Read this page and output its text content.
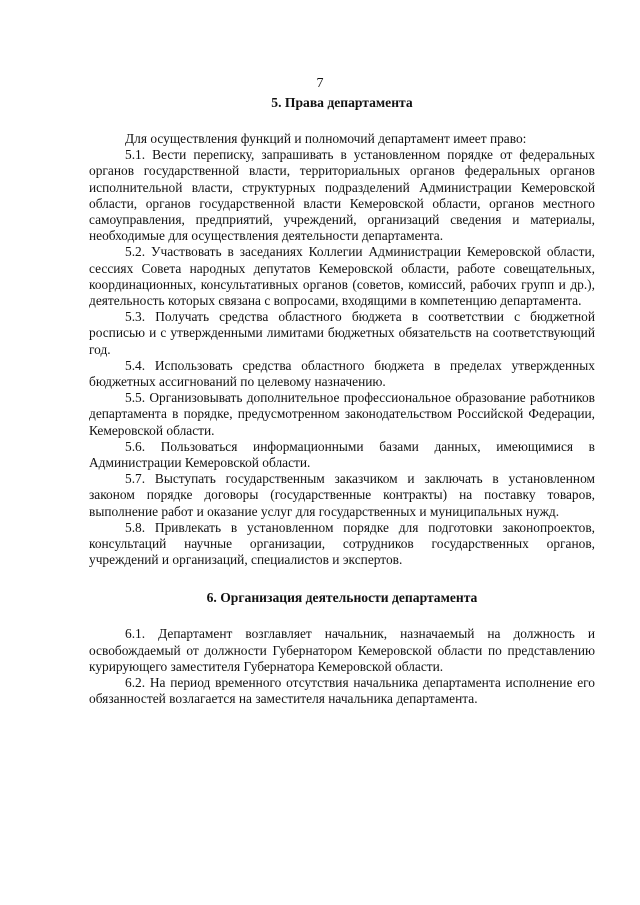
7
5. Права департамента

Для осуществления функций и полномочий департамент имеет право:

5.1. Вести переписку, запрашивать в установленном порядке от федеральных органов государственной власти, территориальных органов федеральных органов исполнительной власти, структурных подразделений Администрации Кемеровской области, органов государственной власти Кемеровской области, органов местного самоуправления, предприятий, учреждений, организаций сведения и материалы, необходимые для осуществления деятельности департамента.

5.2. Участвовать в заседаниях Коллегии Администрации Кемеровской области, сессиях Совета народных депутатов Кемеровской области, работе совещательных, координационных, консультативных органов (советов, комиссий, рабочих групп и др.), деятельность которых связана с вопросами, входящими в компетенцию департамента.

5.3. Получать средства областного бюджета в соответствии с бюджетной росписью и с утвержденными лимитами бюджетных обязательств на соответствующий год.

5.4. Использовать средства областного бюджета в пределах утвержденных бюджетных ассигнований по целевому назначению.

5.5. Организовывать дополнительное профессиональное образование работников департамента в порядке, предусмотренном законодательством Российской Федерации, Кемеровской области.

5.6. Пользоваться информационными базами данных, имеющимися в Администрации Кемеровской области.

5.7. Выступать государственным заказчиком и заключать в установленном законом порядке договоры (государственные контракты) на поставку товаров, выполнение работ и оказание услуг для государственных и муниципальных нужд.

5.8. Привлекать в установленном порядке для подготовки законопроектов, консультаций научные организации, сотрудников государственных органов, учреждений и организаций, специалистов и экспертов.

6. Организация деятельности департамента

6.1. Департамент возглавляет начальник, назначаемый на должность и освобождаемый от должности Губернатором Кемеровской области по представлению курирующего заместителя Губернатора Кемеровской области.

6.2. На период временного отсутствия начальника департамента исполнение его обязанностей возлагается на заместителя начальника департамента.
